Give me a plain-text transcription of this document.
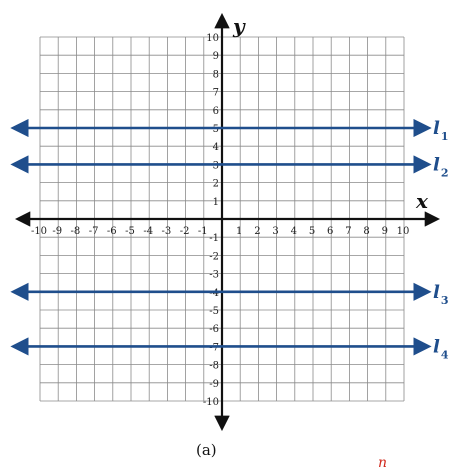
-10 -9 -8 -7 -6 -5 -4 -3 -2 -1	1 2 3 4 5 6 7 8 9 10
10
9
8
7
6
5
4
3
2
1
-1
-2
-3
-4
-5
-6
-7
-8
-9
-10
$l_1$
$l_2$
$l_3$
$l_4$
x
y
(a)
n
